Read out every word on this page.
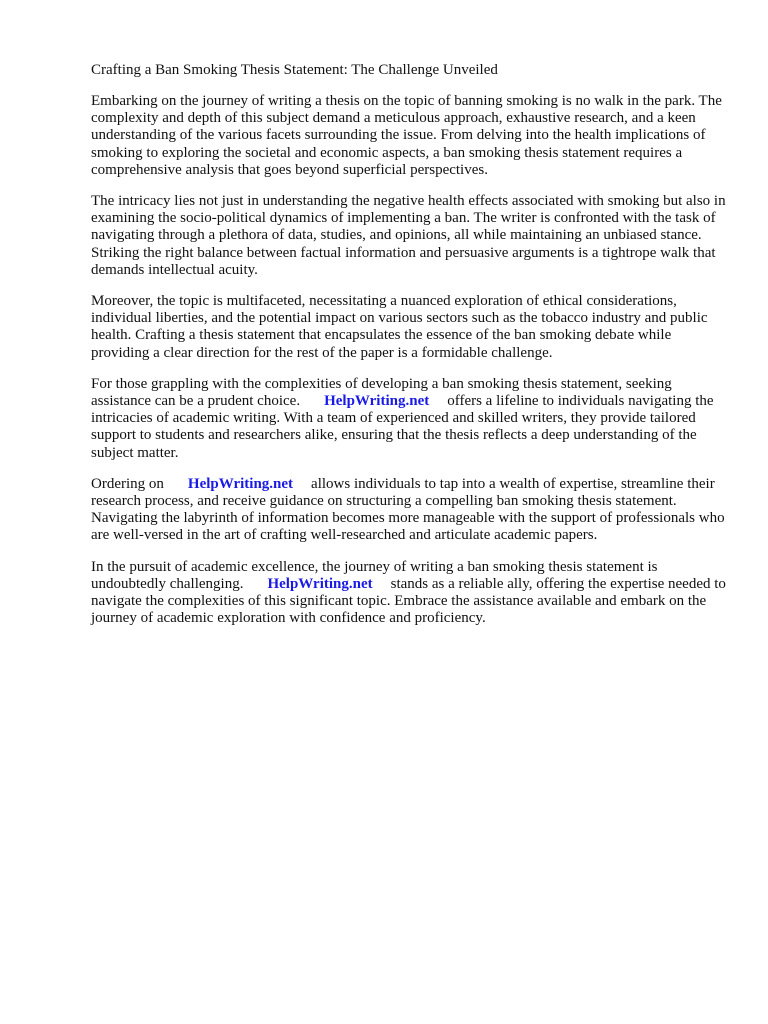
Crafting a Ban Smoking Thesis Statement: The Challenge Unveiled

Embarking on the journey of writing a thesis on the topic of banning smoking is no walk in the park. The complexity and depth of this subject demand a meticulous approach, exhaustive research, and a keen understanding of the various facets surrounding the issue. From delving into the health implications of smoking to exploring the societal and economic aspects, a ban smoking thesis statement requires a comprehensive analysis that goes beyond superficial perspectives.

The intricacy lies not just in understanding the negative health effects associated with smoking but also in examining the socio-political dynamics of implementing a ban. The writer is confronted with the task of navigating through a plethora of data, studies, and opinions, all while maintaining an unbiased stance. Striking the right balance between factual information and persuasive arguments is a tightrope walk that demands intellectual acuity.

Moreover, the topic is multifaceted, necessitating a nuanced exploration of ethical considerations, individual liberties, and the potential impact on various sectors such as the tobacco industry and public health. Crafting a thesis statement that encapsulates the essence of the ban smoking debate while providing a clear direction for the rest of the paper is a formidable challenge.

For those grappling with the complexities of developing a ban smoking thesis statement, seeking assistance can be a prudent choice. HelpWriting.net offers a lifeline to individuals navigating the intricacies of academic writing. With a team of experienced and skilled writers, they provide tailored support to students and researchers alike, ensuring that the thesis reflects a deep understanding of the subject matter.

Ordering on HelpWriting.net allows individuals to tap into a wealth of expertise, streamline their research process, and receive guidance on structuring a compelling ban smoking thesis statement. Navigating the labyrinth of information becomes more manageable with the support of professionals who are well-versed in the art of crafting well-researched and articulate academic papers.

In the pursuit of academic excellence, the journey of writing a ban smoking thesis statement is undoubtedly challenging. HelpWriting.net stands as a reliable ally, offering the expertise needed to navigate the complexities of this significant topic. Embrace the assistance available and embark on the journey of academic exploration with confidence and proficiency.
